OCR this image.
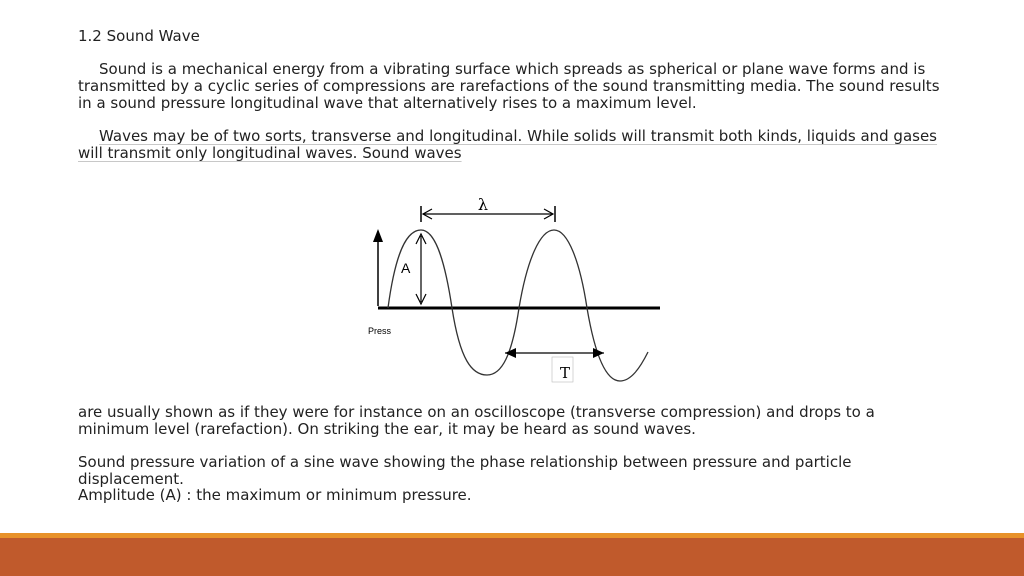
1.2 Sound Wave

Sound is a mechanical energy from a vibrating surface which spreads as spherical or plane wave forms and is transmitted by a cyclic series of compressions are rarefactions of the sound transmitting media. The sound results in a sound pressure longitudinal wave that alternatively rises to a maximum level.

Waves may be of two sorts, transverse and longitudinal. While solids will transmit both kinds, liquids and gases will transmit only longitudinal waves. Sound waves

λ
Press
A
T

are usually shown as if they were for instance on an oscilloscope (transverse compression) and drops to a minimum level (rarefaction). On striking the ear, it may be heard as sound waves.

Sound pressure variation of a sine wave showing the phase relationship between pressure and particle displacement.

Amplitude (A) : the maximum or minimum pressure.
